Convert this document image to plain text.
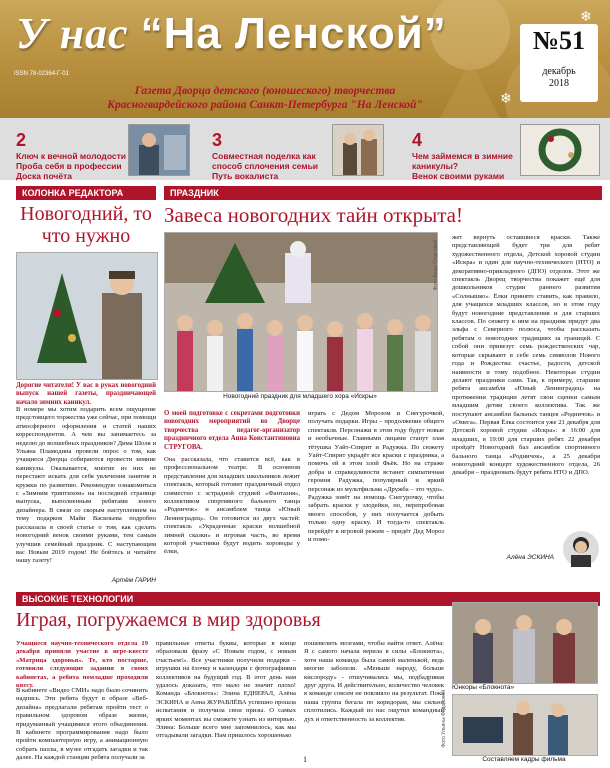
У нас “На Ленской”
ISSN 78-02364-Г-01
Газета Дворца детского (юношеского) творчества
Красногвардейского района Санкт-Петербурга "На Ленской"
№51
декабрь
2018
❄
❄
2
Ключ к вечной молодости
Проба себя в профессии
Доска почёта
3
Совместная поделка как
способ сплочения семьи
Путь вокалиста
4
Чем займемся в зимние
каникулы?
Венок своими руками
КОЛОНКА РЕДАКТОРА
Новогодний, то что нужно
Дорогие читатели! У вас в руках новогодний выпуск нашей газеты, праздничающей начало зимних каникул.
В номере мы хотим подарить всем ощущение предстоящего торжества уже сейчас, при помощи атмосферного оформления и статей наших корреспондентов. А чем вы занимаетесь за неделю до волшебных праздников? Дима Шоля и Ульяна Пламодина провели опрос о том, как учащиеся Дворца собираются провести зимние каникулы. Оказывается, многие из них не перестают искать для себя увлечения занятия и кружки по развитию. Рекомендую ознакомиться с «Зимним триптихом» на последней странице выпуска, выполненным ребятами юного дизайнера. В связи со скорым наступлением на тему подарков Майи Васильева подробно рассказала в своей статье о том, как сделать новогодний венок своими руками, тем самым улучшив семейный праздник. С наступающим вас Новым 2019 годом! Не бойтесь и читайте нашу газету!
Артём ГАРИН
ПРАЗДНИК
Завеса новогодних тайн открыта!
Новогодний праздник для младшего хора «Искры»
Фото Анны Струговой
О моей подготовке с секретами подготовки новогодних мероприятий во Дворце творчества педагог-организатор праздничного отдела Анна Константиновна СТРУГОВА.
Она рассказала, что ставится всё, как в профессиональном театре. В основном представления для младших школьников лежит спектакль, который готовит праздничный отдел совместно с эстрадной студией «Фантазия», коллективом спортивного бального танца «Родничок» и ансамблем танца «Юный Ленинградец». Он готовится из двух частей: спектакль «Украденные краски волшебной зимней сказки» и игровая часть, во время которой участники будут водить хороводы у ёлки,
играть с Дедом Морозом и Снегурочкой, получать подарки. Игры – продолжение общего спектакля. Персонажи в этом году будут новые и необычные. Главными лицами станут злая тётушка Уайт-Спирит и Радужка. По сюжету Уайт-Спирит украдёт все краски с праздника, а помочь ей в этом злой Фьёк. Но на страже добра и справедливости встанет симпатичная героиня Радужка, популярный и яркий персонаж из мультфильма «Дружба – это чудо». Радужка зовёт на помощь Снегурочку, чтобы забрать краски у злодейки, но, перепробовав много способов, у них получается добыть только одну краску. И тогда-то спектакль перейдёт в игровой режим – придёт Дед Мороз и помо-
жет вернуть оставшиеся краски. Также представляющей будет три для ребят художественного отдела, Детской хоровой студии «Искра» и один для научно-технического (НТО) и декоративно-прикладного (ДПО) отделов. Этот же спектакль Дворец творчества покажет ещё для дошкольников студии раннего развития «Солнышко». Ёлки принято ставить, как правило, для учащихся младших классов, но в этом году будут новогодние представления и для старших классов. По сюжету к ним на праздник придут два эльфа с Северного полюса, чтобы рассказать ребятам о новогодних традициях за границей. С собой они привезут семь рождественских чар, которые скрывают в себе семь символов Нового года и Рождества: счастье, радости, детской наивности и тому подобное. Некоторые студии делают праздники сами. Так, к примеру, старшие ребята ансамбля «Юный Ленинградец» на протяжении традиции летят свои сценки самым младшим детям своего коллектива. Так же поступают ансамбли бальных танцев «Родничок» и «Омега». Первая Ёлка состоится уже 21 декабря для Детской хоровой студии «Искра»: в 16:00 для младших, в 19:00 для старших ребят. 22 декабря пройдёт Новогодний бал ансамбля спортивного бального танца «Родничок», а 25 декабря новогодний концерт художественного отдела, 26 декабря – праздновать будут ребята НТО и ДПО.
Алёна ЭСКИНА
ВЫСОКИЕ ТЕХНОЛОГИИ
Играя, погружаемся в мир здоровья
Учащиеся научно-технического отдела 19 декабря приняли участие в игре-квесте «Матрица здоровья». Те, кто постарше, готовили следующие задания в своих кабинетах, а ребята помладше проходили квест.
В кабинете «Видео СМИ» надо было сочинить надпись. Эти ребята будут в образе «Веб-дизайна» предлагали ребятам пройти тест о правильном здоровом образе жизни, придуманный учащимися этого объединения. В кабинете программирования надо было пройти компьютерную игру, а анимационную собрать пазлы, в музее отгадать загадки и так далее. На каждой станции ребята получали за
правильные ответы буквы, которые в конце образовали фразу «С Новым годом, с новым счастьем!». Все участники получили подарки – игрушки на ёлочку и календари с фотографиями коллективов на будущий год. В этот день нам удалось доказать, что мало не значит плохо! Команда «Блокнота»: Элина ЕДНЕРАЛ, Алёна ЭСКИНА и Анна ЖУРАВЛЁВА успешно прошла испытания и получила свои призы. О самых ярких моментах вы сможете узнать из интервью. Элина: Больше всего мне запомнилось, как мы отгадывали загадки. Нам пришлось хорошенько
пошевелить мозгами, чтобы найти ответ. Алёна: Я с самого начала верила в силы «Блокнота», хотя наша команда была самой маленькой, ведь многие заболели. «Меньше народу, больше кислороду» - отшучивались мы, подбадривая друг друга. И действительно, количество человек в команде совсем не повлияло на результат. Пока наша группа бегала по коридорам, мы сильно сплотились. Каждый из нас ощутил командный дух и ответственность за коллектив.
Юнкоры «Блокнота»
Составляем кадры фильма
Фото Ульяны Федоровой
1
